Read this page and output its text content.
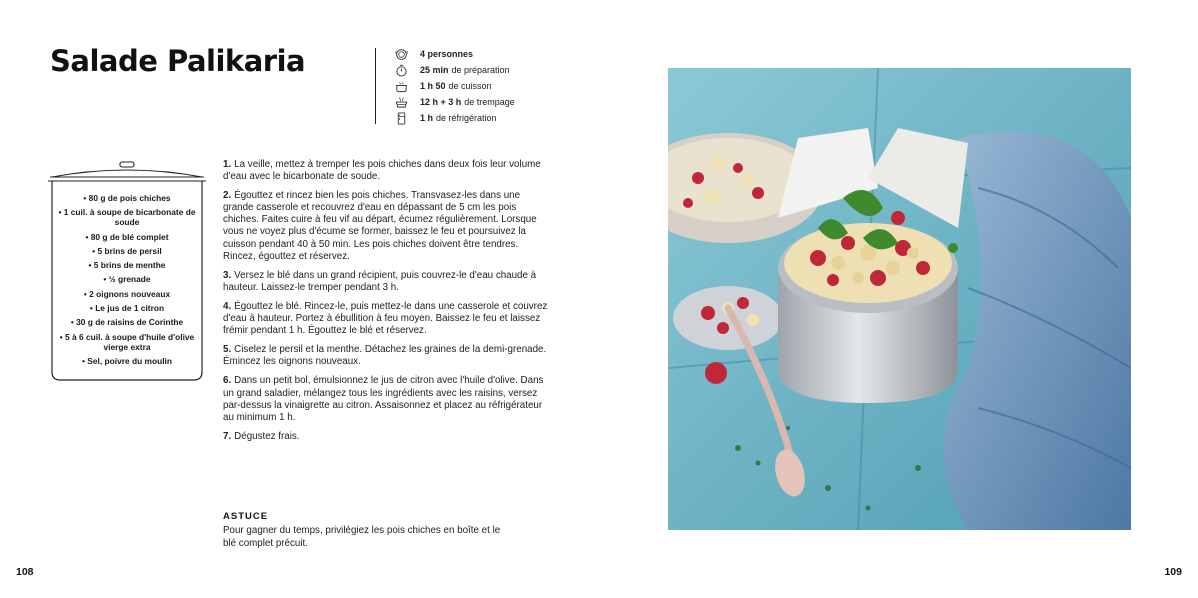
Salade Palikaria	4 personnes
25 min de préparation
1 h 50 de cuisson
12 h + 3 h de trempage
1 h de réfrigération
• 80 g de pois chiches
• 1 cuil. à soupe de bicarbonate de soude
• 80 g de blé complet
• 5 brins de persil
• 5 brins de menthe
• ½ grenade
• 2 oignons nouveaux
• Le jus de 1 citron
• 30 g de raisins de Corinthe
• 5 à 6 cuil. à soupe d'huile d'olive vierge extra
• Sel, poivre du moulin

1. La veille, mettez à tremper les pois chiches dans deux fois leur volume d'eau avec le bicarbonate de soude.

2. Égouttez et rincez bien les pois chiches. Transvasez-les dans une grande casserole et recouvrez d'eau en dépassant de 5 cm les pois chiches. Faites cuire à feu vif au départ, écumez régulièrement. Lorsque vous ne voyez plus d'écume se former, baissez le feu et poursuivez la cuisson pendant 40 à 50 min. Les pois chiches doivent être tendres. Rincez, égouttez et réservez.

3. Versez le blé dans un grand récipient, puis couvrez-le d'eau chaude à hauteur. Laissez-le tremper pendant 3 h.

4. Égouttez le blé. Rincez-le, puis mettez-le dans une casserole et couvrez d'eau à hauteur. Portez à ébullition à feu moyen. Baissez le feu et laissez frémir pendant 1 h. Égouttez le blé et réservez.

5. Ciselez le persil et la menthe. Détachez les graines de la demi-grenade. Émincez les oignons nouveaux.

6. Dans un petit bol, émulsionnez le jus de citron avec l'huile d'olive. Dans un grand saladier, mélangez tous les ingrédients avec les raisins, versez par-dessus la vinaigrette au citron. Assaisonnez et placez au réfrigérateur au minimum 1 h.

7. Dégustez frais.

ASTUCE

Pour gagner du temps, privilégiez les pois chiches en boîte et le blé complet précuit.

108	109
